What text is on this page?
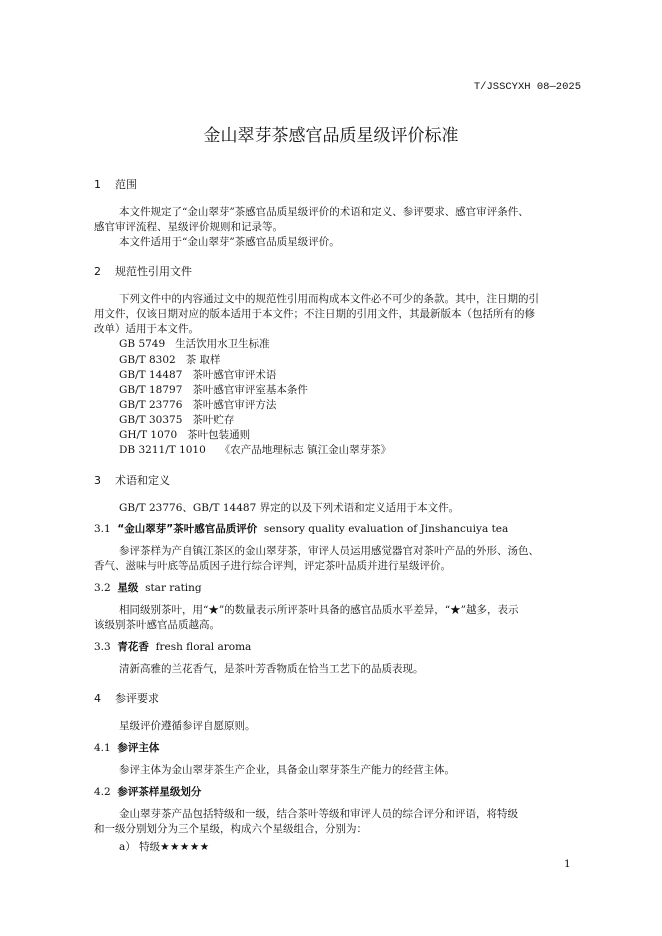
T/JSSCYXH 08—2025
金山翠芽茶感官品质星级评价标准
1 范围
本文件规定了“金山翠芽”茶感官品质星级评价的术语和定义、参评要求、感官审评条件、
感官审评流程、星级评价规则和记录等。
本文件适用于“金山翠芽”茶感官品质星级评价。
2 规范性引用文件
下列文件中的内容通过文中的规范性引用而构成本文件必不可少的条款。其中，注日期的引
用文件，仅该日期对应的版本适用于本文件；不注日期的引用文件，其最新版本（包括所有的修
改单）适用于本文件。
GB 5749 生活饮用水卫生标准
GB/T 8302 茶 取样
GB/T 14487 茶叶感官审评术语
GB/T 18797 茶叶感官审评室基本条件
GB/T 23776 茶叶感官审评方法
GB/T 30375 茶叶贮存
GH/T 1070 茶叶包装通则
DB 3211/T 1010 《农产品地理标志 镇江金山翠芽茶》
3 术语和定义
GB/T 23776、GB/T 14487 界定的以及下列术语和定义适用于本文件。
3.1 “金山翠芽”茶叶感官品质评价 sensory quality evaluation of Jinshancuiya tea
参评茶样为产自镇江茶区的金山翠芽茶，审评人员运用感觉器官对茶叶产品的外形、汤色、
香气、滋味与叶底等品质因子进行综合评判，评定茶叶品质并进行星级评价。
3.2 星级 star rating
相同级别茶叶，用“★”的数量表示所评茶叶具备的感官品质水平差异，“★”越多，表示
该级别茶叶感官品质越高。
3.3 青花香 fresh floral aroma
清新高雅的兰花香气，是茶叶芳香物质在恰当工艺下的品质表现。
4 参评要求
星级评价遵循参评自愿原则。
4.1 参评主体
参评主体为金山翠芽茶生产企业，具备金山翠芽茶生产能力的经营主体。
4.2 参评茶样星级划分
金山翠芽茶产品包括特级和一级，结合茶叶等级和审评人员的综合评分和评语，将特级
和一级分别划分为三个星级，构成六个星级组合，分别为：
a） 特级★★★★★
1
